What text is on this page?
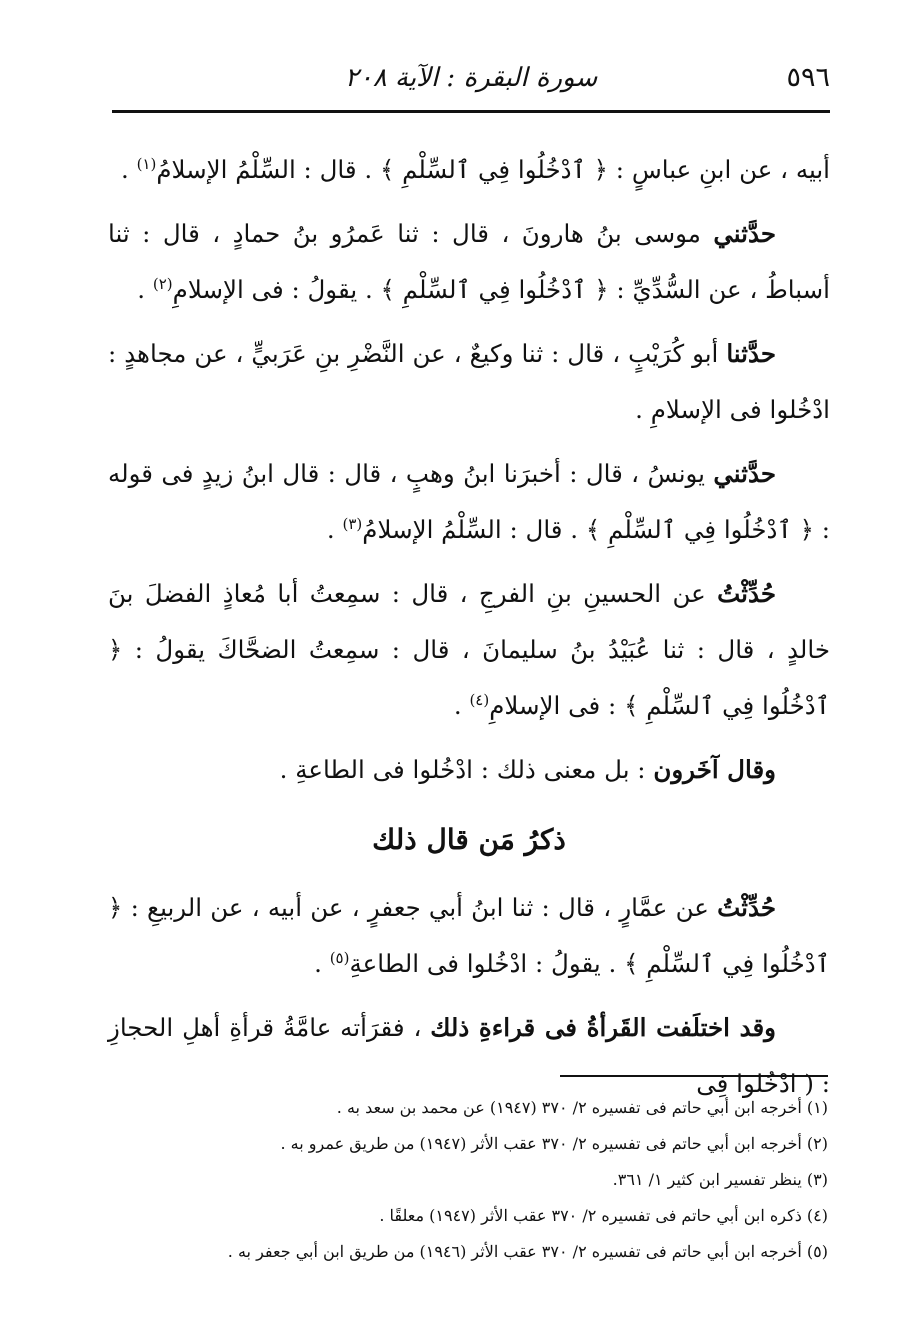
٥٩٦
سورة البقرة : الآية ٢٠٨

أبيه ، عن ابنِ عباسٍ : ﴿ ٱدْخُلُوا فِي ٱلسِّلْمِ ﴾ . قال : السِّلْمُ الإسلامُ$^{(١)}$ .

حدَّثني موسى بنُ هارونَ ، قال : ثنا عَمرُو بنُ حمادٍ ، قال : ثنا أسباطُ ، عن السُّدِّيِّ : ﴿ ٱدْخُلُوا فِي ٱلسِّلْمِ ﴾ . يقولُ : فى الإسلامِ$^{(٢)}$ .

حدَّثنا أبو كُرَيْبٍ ، قال : ثنا وكيعٌ ، عن النَّضْرِ بنِ عَرَبيٍّ ، عن مجاهدٍ : ادْخُلوا فى الإسلامِ .

حدَّثني يونسُ ، قال : أخبرَنا ابنُ وهبٍ ، قال : قال ابنُ زيدٍ فى قوله : ﴿ ٱدْخُلُوا فِي ٱلسِّلْمِ ﴾ . قال : السِّلْمُ الإسلامُ$^{(٣)}$ .

حُدِّثْتُ عن الحسينِ بنِ الفرجِ ، قال : سمِعتُ أبا مُعاذٍ الفضلَ بنَ خالدٍ ، قال : ثنا عُبَيْدُ بنُ سليمانَ ، قال : سمِعتُ الضحَّاكَ يقولُ : ﴿ ٱدْخُلُوا فِي ٱلسِّلْمِ ﴾ : فى الإسلامِ$^{(٤)}$ .

وقال آخَرون : بل معنى ذلك : ادْخُلوا فى الطاعةِ .

ذكرُ مَن قال ذلك

حُدِّثْتُ عن عمَّارٍ ، قال : ثنا ابنُ أبي جعفرٍ ، عن أبيه ، عن الربيعِ : ﴿ ٱدْخُلُوا فِي ٱلسِّلْمِ ﴾ . يقولُ : ادْخُلوا فى الطاعةِ$^{(٥)}$ .

وقد اختلَفت القَرأةُ فى قراءةِ ذلك ، فقرَأته عامَّةُ قرأةِ أهلِ الحجازِ : ( ادْخُلوا فِى

(١) أخرجه ابن أبي حاتم فى تفسيره ٢/ ٣٧٠ (١٩٤٧) عن محمد بن سعد به .

(٢) أخرجه ابن أبي حاتم فى تفسيره ٢/ ٣٧٠ عقب الأثر (١٩٤٧) من طريق عمرو به .

(٣) ينظر تفسير ابن كثير ١/ ٣٦١.

(٤) ذكره ابن أبي حاتم فى تفسيره ٢/ ٣٧٠ عقب الأثر (١٩٤٧) معلقًا .

(٥) أخرجه ابن أبي حاتم فى تفسيره ٢/ ٣٧٠ عقب الأثر (١٩٤٦) من طريق ابن أبي جعفر به .
